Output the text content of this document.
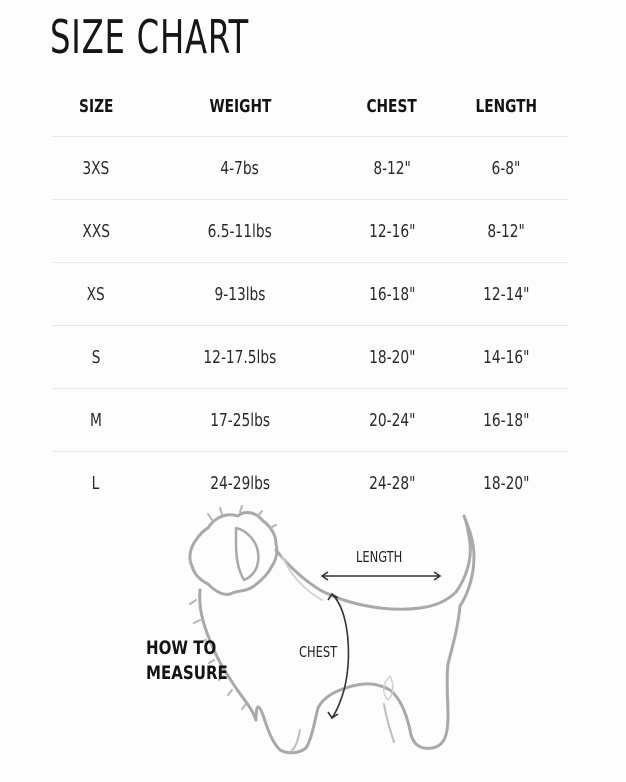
SIZE CHART
SIZE	WEIGHT	CHEST	LENGTH
3XS	4-7bs	8-12"	6-8"
XXS	6.5-11lbs	12-16"	8-12"
XS	9-13lbs	16-18"	12-14"
S	12-17.5lbs	18-20"	14-16"
M	17-25lbs	20-24"	16-18"
L	24-29lbs	24-28"	18-20"
LENGTH
CHEST
HOW TO
MEASURE
